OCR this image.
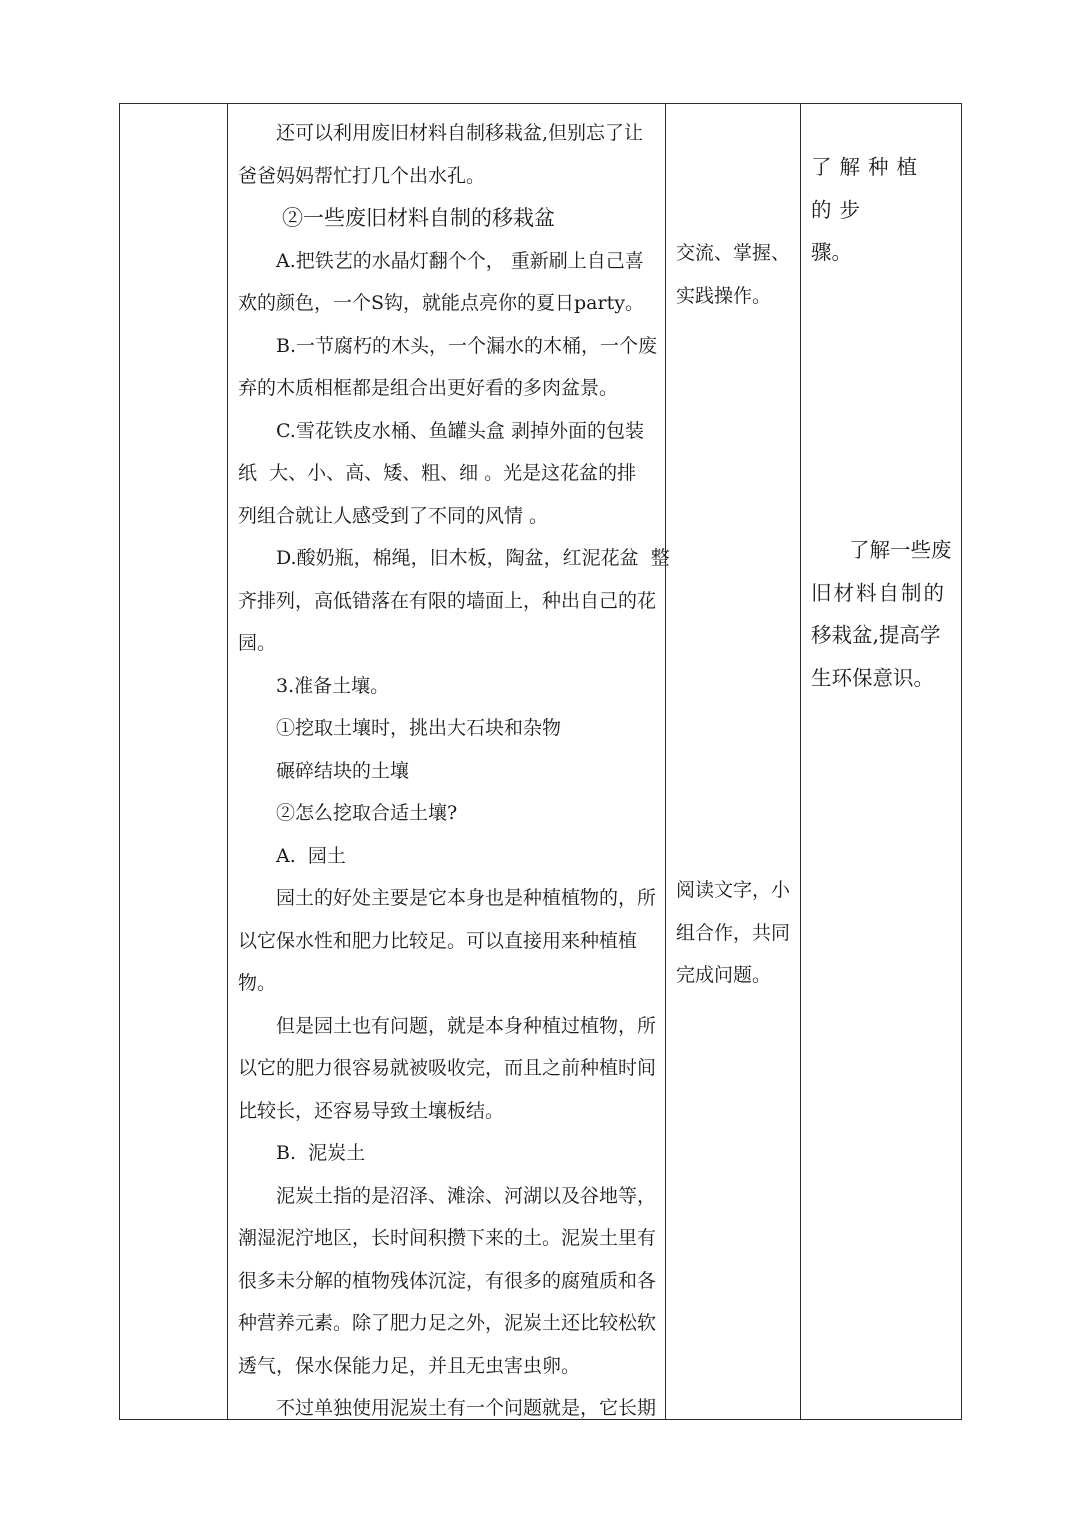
还可以利用废旧材料自制移栽盆,但别忘了让
爸爸妈妈帮忙打几个出水孔。
②一些废旧材料自制的移栽盆
A.把铁艺的水晶灯翻个个， 重新刷上自己喜
欢的颜色，一个S钩，就能点亮你的夏日party。
B.一节腐朽的木头，一个漏水的木桶，一个废
弃的木质相框都是组合出更好看的多肉盆景。
C.雪花铁皮水桶、鱼罐头盒 剥掉外面的包装
纸  大、小、高、矮、粗、细 。光是这花盆的排
列组合就让人感受到了不同的风情 。
D.酸奶瓶，棉绳，旧木板，陶盆，红泥花盆  整
齐排列，高低错落在有限的墙面上，种出自己的花
园。
3.准备土壤。
①挖取土壤时，挑出大石块和杂物
碾碎结块的土壤
②怎么挖取合适土壤?
A.  园土
园土的好处主要是它本身也是种植植物的，所
以它保水性和肥力比较足。可以直接用来种植植
物。
但是园土也有问题，就是本身种植过植物，所
以它的肥力很容易就被吸收完，而且之前种植时间
比较长，还容易导致土壤板结。
B.  泥炭土
泥炭土指的是沼泽、滩涂、河湖以及谷地等，
潮湿泥泞地区，长时间积攒下来的土。泥炭土里有
很多未分解的植物残体沉淀，有很多的腐殖质和各
种营养元素。除了肥力足之外，泥炭土还比较松软
透气，保水保能力足，并且无虫害虫卵。
不过单独使用泥炭土有一个问题就是，它长期
交流、掌握、
实践操作。
阅读文字，小
组合作，共同
完成问题。
了解种植的步
骤。
了解一些废
旧材料自制的
移栽盆,提高学
生环保意识。
